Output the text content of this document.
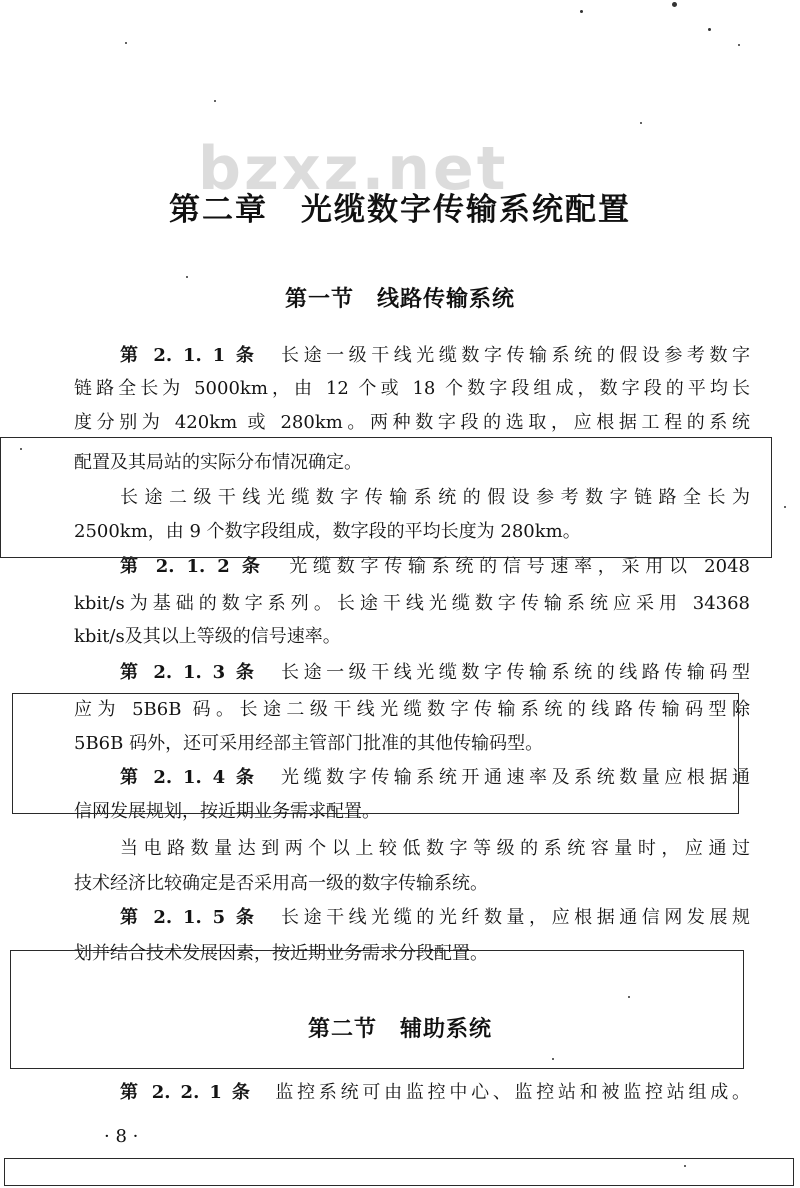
bzxz.net
第二章　光缆数字传输系统配置
第一节　线路传输系统
第 2. 1. 1 条　长途一级干线光缆数字传输系统的假设参考数字
链路全长为 5000km，由 12 个或 18 个数字段组成，数字段的平均长
度分别为 420km 或 280km。两种数字段的选取，应根据工程的系统
配置及其局站的实际分布情况确定。
长途二级干线光缆数字传输系统的假设参考数字链路全长为
2500km，由 9 个数字段组成，数字段的平均长度为 280km。
第 2. 1. 2 条　光缆数字传输系统的信号速率，采用以 2048
kbit/s为基础的数字系列。长途干线光缆数字传输系统应采用 34368
kbit/s及其以上等级的信号速率。
第 2. 1. 3 条　长途一级干线光缆数字传输系统的线路传输码型
应为 5B6B 码。长途二级干线光缆数字传输系统的线路传输码型除
5B6B 码外，还可采用经部主管部门批准的其他传输码型。
第 2. 1. 4 条　光缆数字传输系统开通速率及系统数量应根据通
信网发展规划，按近期业务需求配置。
当电路数量达到两个以上较低数字等级的系统容量时，应通过
技术经济比较确定是否采用高一级的数字传输系统。
第 2. 1. 5 条　长途干线光缆的光纤数量，应根据通信网发展规
划并结合技术发展因素，按近期业务需求分段配置。
第二节　辅助系统
第 2. 2. 1 条　监控系统可由监控中心、监控站和被监控站组成。
· 8 ·
